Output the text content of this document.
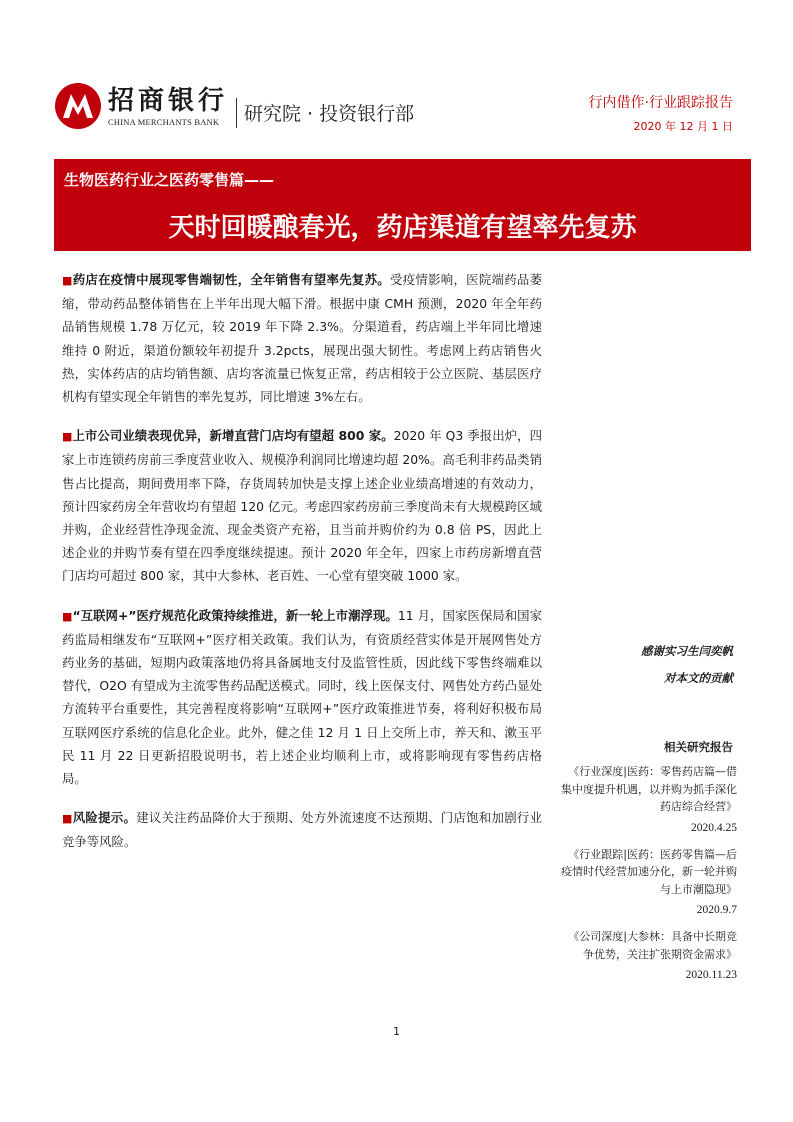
招商银行
CHINA MERCHANTS BANK	研究院 · 投资银行部	行内借作·行业跟踪报告
2020 年 12 月 1 日
生物医药行业之医药零售篇——
天时回暖酿春光，药店渠道有望率先复苏

■药店在疫情中展现零售端韧性，全年销售有望率先复苏。受疫情影响，医院端药品萎缩，带动药品整体销售在上半年出现大幅下滑。根据中康 CMH 预测，2020 年全年药品销售规模 1.78 万亿元，较 2019 年下降 2.3%。分渠道看，药店端上半年同比增速维持 0 附近，渠道份额较年初提升 3.2pcts，展现出强大韧性。考虑网上药店销售火热，实体药店的店均销售额、店均客流量已恢复正常，药店相较于公立医院、基层医疗机构有望实现全年销售的率先复苏，同比增速 3%左右。

■上市公司业绩表现优异，新增直营门店均有望超 800 家。2020 年 Q3 季报出炉，四家上市连锁药房前三季度营业收入、规模净利润同比增速均超 20%。高毛利非药品类销售占比提高，期间费用率下降，存货周转加快是支撑上述企业业绩高增速的有效动力，预计四家药房全年营收均有望超 120 亿元。考虑四家药房前三季度尚未有大规模跨区域并购，企业经营性净现金流、现金类资产充裕，且当前并购价约为 0.8 倍 PS，因此上述企业的并购节奏有望在四季度继续提速。预计 2020 年全年，四家上市药房新增直营门店均可超过 800 家，其中大参林、老百姓、一心堂有望突破 1000 家。

■“互联网+”医疗规范化政策持续推进，新一轮上市潮浮现。11 月，国家医保局和国家药监局相继发布“互联网+”医疗相关政策。我们认为，有资质经营实体是开展网售处方药业务的基础，短期内政策落地仍将具备属地支付及监管性质，因此线下零售终端难以替代，O2O 有望成为主流零售药品配送模式。同时，线上医保支付、网售处方药凸显处方流转平台重要性，其完善程度将影响“互联网+”医疗政策推进节奏，将利好积极布局互联网医疗系统的信息化企业。此外，健之佳 12 月 1 日上交所上市，养天和、漱玉平民 11 月 22 日更新招股说明书，若上述企业均顺利上市，或将影响现有零售药店格局。

■风险提示。建议关注药品降价大于预期、处方外流速度不达预期、门店饱和加剧行业竞争等风险。

感谢实习生闫奕帆
对本文的贡献
相关研究报告
《行业深度|医药：零售药店篇—借集中度提升机遇，以并购为抓手深化药店综合经营》
2020.4.25
《行业跟踪|医药：医药零售篇—后疫情时代经营加速分化，新一轮并购与上市潮隐现》
2020.9.7
《公司深度|大参林：具备中长期竞争优势，关注扩张期资金需求》
2020.11.23
1
